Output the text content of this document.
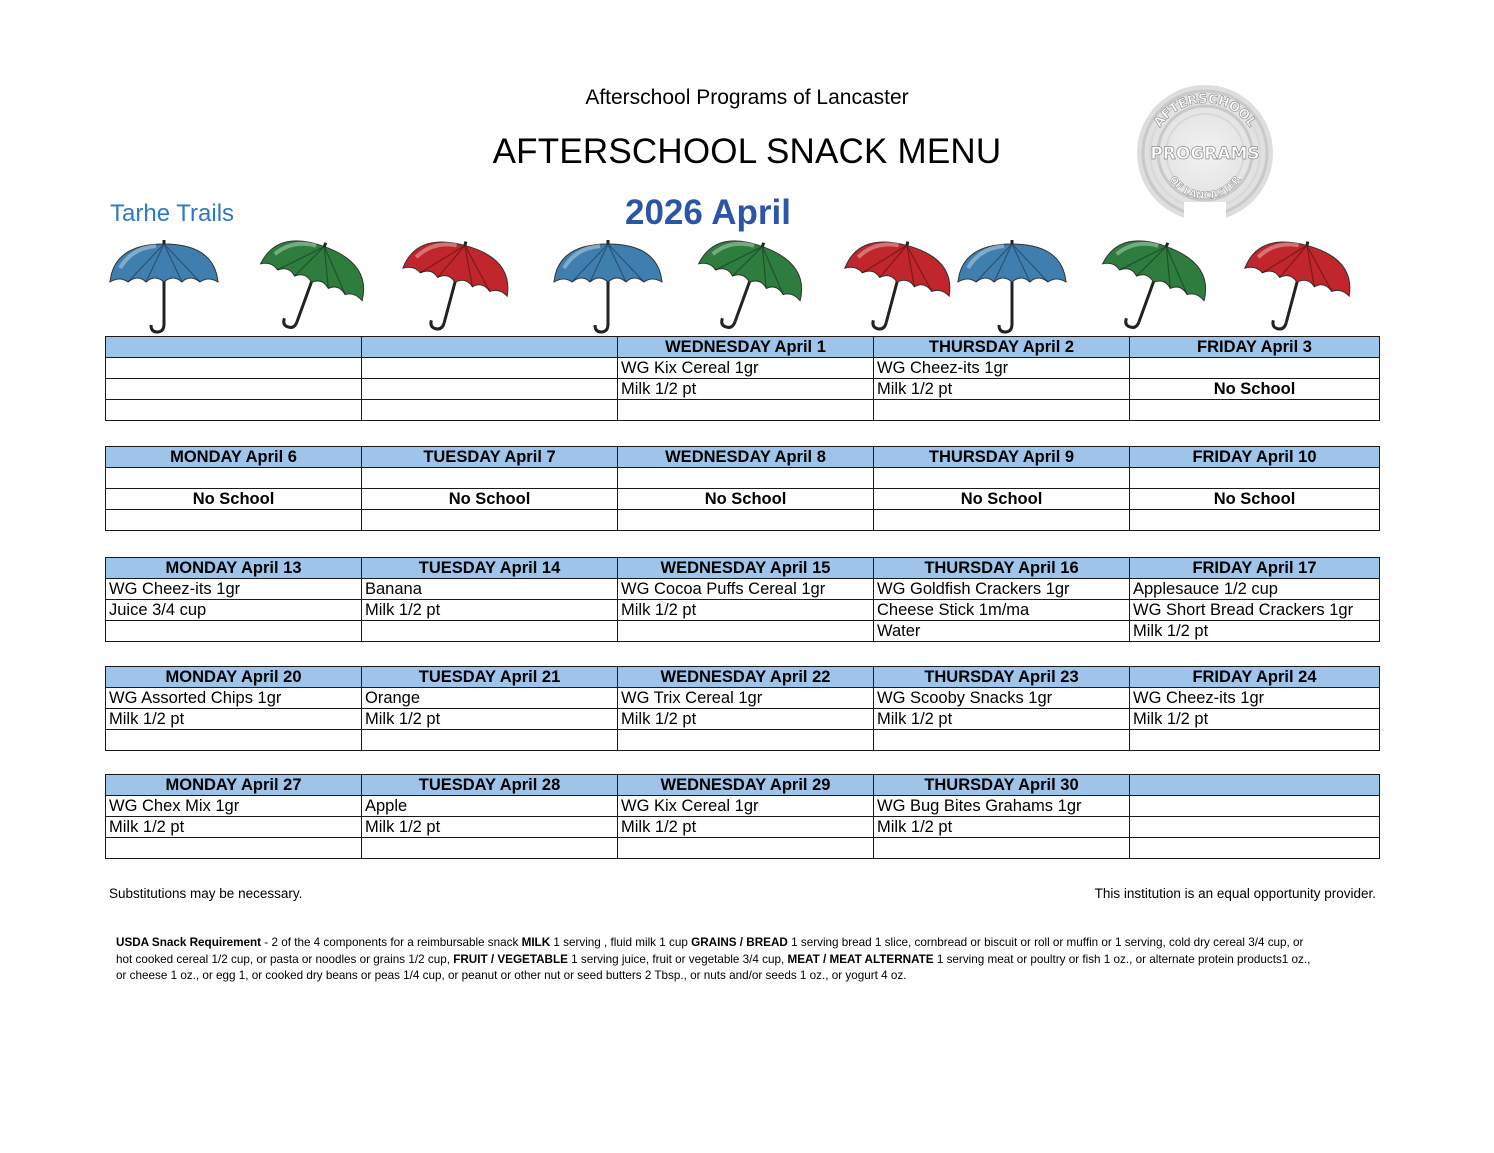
Afterschool Programs of Lancaster
AFTERSCHOOL SNACK MENU
Tarhe Trails	2026 April
AFTERSCHOOL
PROGRAMS
OF LANCASTER
		WEDNESDAY April 1	THURSDAY April 2	FRIDAY April 3
		WG Kix Cereal 1gr	WG Cheez-its 1gr	
		Milk 1/2 pt	Milk 1/2 pt	No School

MONDAY April 6	TUESDAY April 7	WEDNESDAY April 8	THURSDAY April 9	FRIDAY April 10

No School	No School	No School	No School	No School

MONDAY April 13	TUESDAY April 14	WEDNESDAY April 15	THURSDAY April 16	FRIDAY April 17
WG Cheez-its 1gr	Banana	WG Cocoa Puffs Cereal 1gr	WG Goldfish Crackers 1gr	Applesauce 1/2 cup
Juice 3/4 cup	Milk 1/2 pt	Milk 1/2 pt	Cheese Stick 1m/ma	WG Short Bread Crackers 1gr
			Water	Milk 1/2 pt
MONDAY April 20	TUESDAY April 21	WEDNESDAY April 22	THURSDAY April 23	FRIDAY April 24
WG Assorted Chips 1gr	Orange	WG Trix Cereal 1gr	WG Scooby Snacks 1gr	WG Cheez-its 1gr
Milk 1/2 pt	Milk 1/2 pt	Milk 1/2 pt	Milk 1/2 pt	Milk 1/2 pt

MONDAY April 27	TUESDAY April 28	WEDNESDAY April 29	THURSDAY April 30	
WG Chex Mix 1gr	Apple	WG Kix Cereal 1gr	WG Bug Bites Grahams 1gr	
Milk 1/2 pt	Milk 1/2 pt	Milk 1/2 pt	Milk 1/2 pt	

Substitutions may be necessary.	This institution is an equal opportunity provider.
USDA Snack Requirement - 2 of the 4 components for a reimbursable snack MILK 1 serving , fluid milk 1 cup GRAINS / BREAD 1 serving bread 1 slice, cornbread or biscuit or roll or muffin or 1 serving, cold dry cereal 3/4 cup, or hot cooked cereal 1/2 cup, or pasta or noodles or grains 1/2 cup, FRUIT / VEGETABLE 1 serving juice, fruit or vegetable 3/4 cup, MEAT / MEAT ALTERNATE 1 serving meat or poultry or fish 1 oz., or alternate protein products1 oz., or cheese 1 oz., or egg 1, or cooked dry beans or peas 1/4 cup, or peanut or other nut or seed butters 2 Tbsp., or nuts and/or seeds 1 oz., or yogurt 4 oz.
